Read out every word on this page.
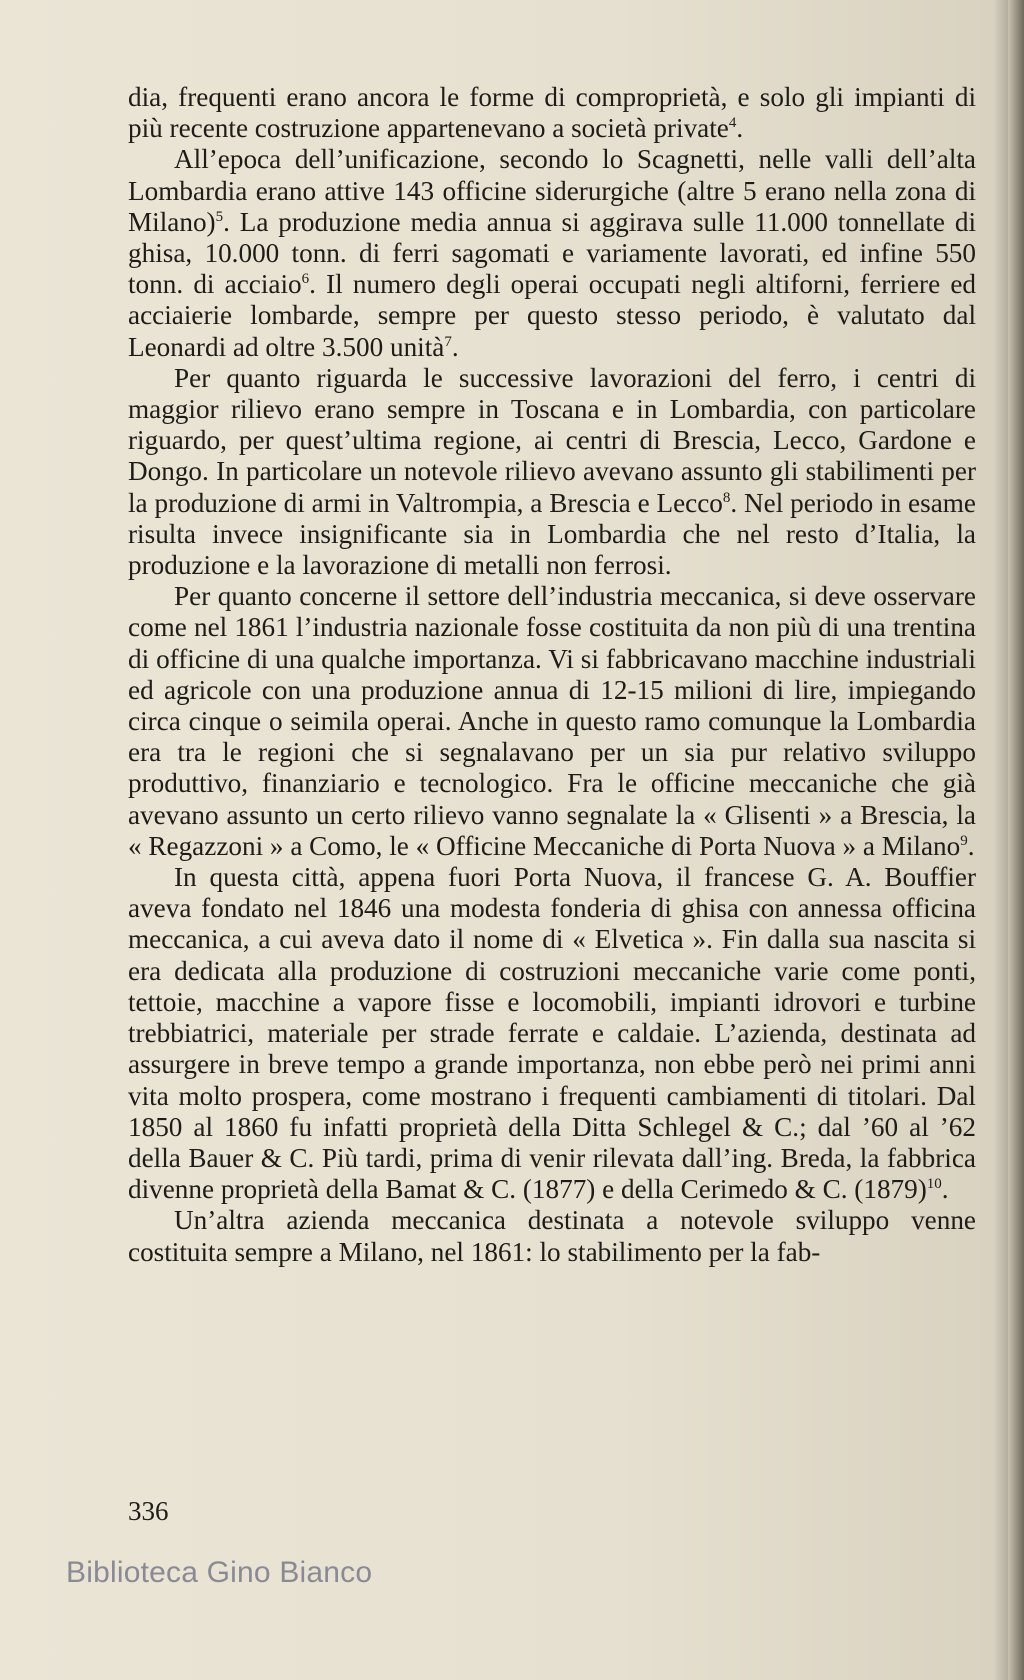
dia, frequenti erano ancora le forme di comproprietà, e solo gli impianti di più recente costruzione appartenevano a società private$^4$.

All’epoca dell’unificazione, secondo lo Scagnetti, nelle valli dell’alta Lombardia erano attive 143 officine siderurgiche (altre 5 erano nella zona di Milano)$^5$. La produzione media annua si aggirava sulle 11.000 tonnellate di ghisa, 10.000 tonn. di ferri sagomati e variamente lavorati, ed infine 550 tonn. di acciaio$^6$. Il numero degli operai occupati negli altiforni, ferriere ed acciaierie lombarde, sempre per questo stesso periodo, è valutato dal Leonardi ad oltre 3.500 unità$^7$.

Per quanto riguarda le successive lavorazioni del ferro, i centri di maggior rilievo erano sempre in Toscana e in Lombardia, con particolare riguardo, per quest’ultima regione, ai centri di Brescia, Lecco, Gardone e Dongo. In particolare un notevole rilievo avevano assunto gli stabilimenti per la produzione di armi in Valtrompia, a Brescia e Lecco$^8$. Nel periodo in esame risulta invece insignificante sia in Lombardia che nel resto d’Italia, la produzione e la lavorazione di metalli non ferrosi.

Per quanto concerne il settore dell’industria meccanica, si deve osservare come nel 1861 l’industria nazionale fosse costituita da non più di una trentina di officine di una qualche importanza. Vi si fabbricavano macchine industriali ed agricole con una produzione annua di 12-15 milioni di lire, impiegando circa cinque o seimila operai. Anche in questo ramo comunque la Lombardia era tra le regioni che si segnalavano per un sia pur relativo sviluppo produttivo, finanziario e tecnologico. Fra le officine meccaniche che già avevano assunto un certo rilievo vanno segnalate la « Glisenti » a Brescia, la « Regazzoni » a Como, le « Officine Meccaniche di Porta Nuova » a Milano$^9$.

In questa città, appena fuori Porta Nuova, il francese G. A. Bouffier aveva fondato nel 1846 una modesta fonderia di ghisa con annessa officina meccanica, a cui aveva dato il nome di « Elvetica ». Fin dalla sua nascita si era dedicata alla produzione di costruzioni meccaniche varie come ponti, tettoie, macchine a vapore fisse e locomobili, impianti idrovori e turbine trebbiatrici, materiale per strade ferrate e caldaie. L’azienda, destinata ad assurgere in breve tempo a grande importanza, non ebbe però nei primi anni vita molto prospera, come mostrano i frequenti cambiamenti di titolari. Dal 1850 al 1860 fu infatti proprietà della Ditta Schlegel & C.; dal ’60 al ’62 della Bauer & C. Più tardi, prima di venir rilevata dall’ing. Breda, la fabbrica divenne proprietà della Bamat & C. (1877) e della Cerimedo & C. $(1879)^{10}$.

Un’altra azienda meccanica destinata a notevole sviluppo venne costituita sempre a Milano, nel 1861: lo stabilimento per la fab-

336
Biblioteca Gino Bianco
